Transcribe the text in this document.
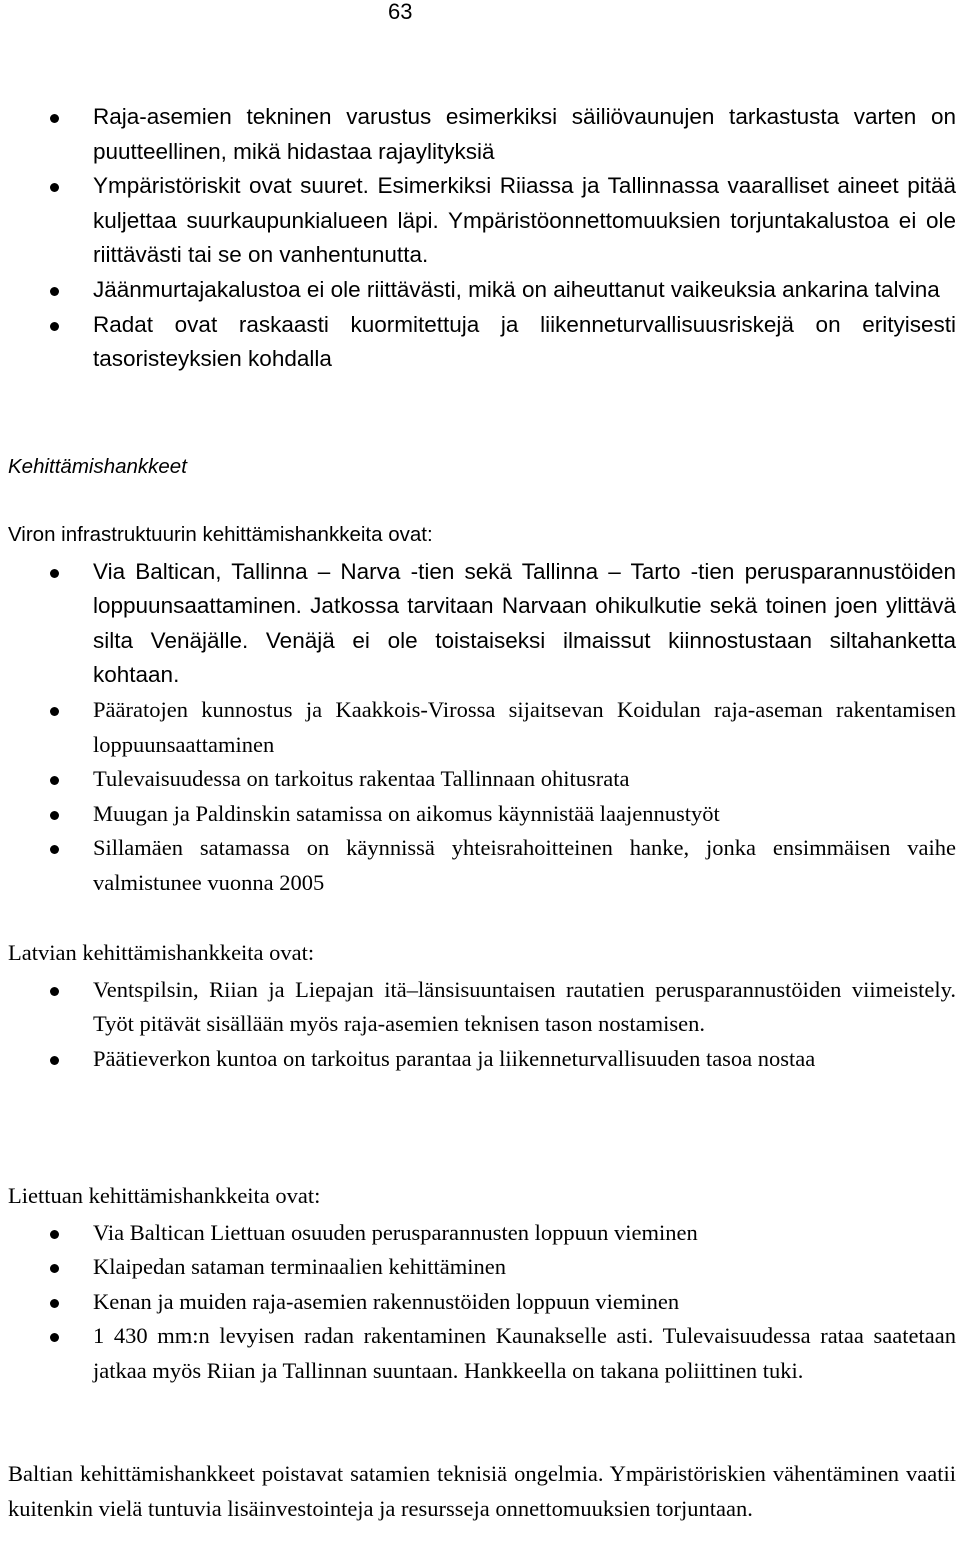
63
Raja-asemien tekninen varustus esimerkiksi säiliövaunujen tarkastusta varten on puutteellinen, mikä hidastaa rajaylityksiä
Ympäristöriskit ovat suuret. Esimerkiksi Riiassa ja Tallinnassa vaaralliset aineet pitää kuljettaa suurkaupunkialueen läpi. Ympäristöonnettomuuksien torjuntakalustoa ei ole riittävästi tai se on vanhentunutta.
Jäänmurtajakalustoa ei ole riittävästi, mikä on aiheuttanut vaikeuksia ankarina talvina
Radat ovat raskaasti kuormitettuja ja liikenneturvallisuusriskejä on erityisesti tasoristeyksien kohdalla

Kehittämishankkeet

Viron infrastruktuurin kehittämishankkeita ovat:

Via Baltican, Tallinna – Narva -tien sekä Tallinna – Tarto -tien perusparannustöiden loppuunsaattaminen. Jatkossa tarvitaan Narvaan ohikulkutie sekä toinen joen ylittävä silta Venäjälle. Venäjä ei ole toistaiseksi ilmaissut kiinnostustaan siltahanketta kohtaan.
Pääratojen kunnostus ja Kaakkois-Virossa sijaitsevan Koidulan raja-aseman rakentamisen loppuunsaattaminen
Tulevaisuudessa on tarkoitus rakentaa Tallinnaan ohitusrata
Muugan ja Paldinskin satamissa on aikomus käynnistää laajennustyöt
Sillamäen satamassa on käynnissä yhteisrahoitteinen hanke, jonka ensimmäisen vaihe valmistunee vuonna 2005

Latvian kehittämishankkeita ovat:

Ventspilsin, Riian ja Liepajan itä–länsisuuntaisen rautatien perusparannustöiden viimeistely. Työt pitävät sisällään myös raja-asemien teknisen tason nostamisen.
Päätieverkon kuntoa on tarkoitus parantaa ja liikenneturvallisuuden tasoa nostaa

Liettuan kehittämishankkeita ovat:

Via Baltican Liettuan osuuden perusparannusten loppuun vieminen
Klaipedan sataman terminaalien kehittäminen
Kenan ja muiden raja-asemien rakennustöiden loppuun vieminen
1 430 mm:n levyisen radan rakentaminen Kaunakselle asti. Tulevaisuudessa rataa saatetaan jatkaa myös Riian ja Tallinnan suuntaan. Hankkeella on takana poliittinen tuki.

Baltian kehittämishankkeet poistavat satamien teknisiä ongelmia. Ympäristöriskien vähentäminen vaatii kuitenkin vielä tuntuvia lisäinvestointeja ja resursseja onnettomuuksien torjuntaan.
